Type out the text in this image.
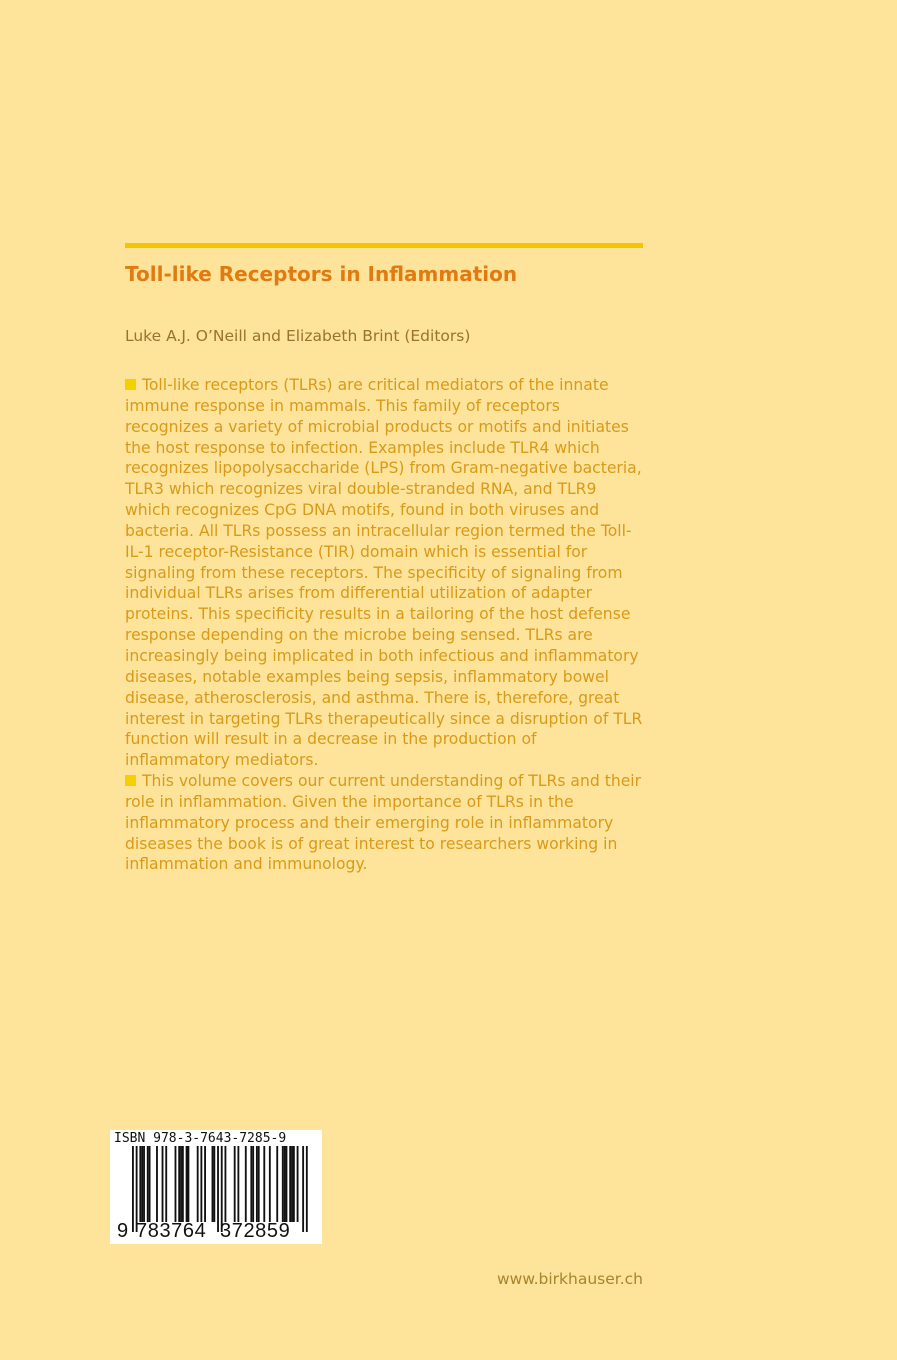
Toll-like Receptors in Inflammation
Luke A.J. O’Neill and Elizabeth Brint (Editors)

Toll-like receptors (TLRs) are critical mediators of the innate immune response in mammals. This family of receptors recognizes a variety of microbial products or motifs and initiates the host response to infection. Examples include TLR4 which recognizes lipopolysaccharide (LPS) from Gram-negative bacteria, TLR3 which recognizes viral double-stranded RNA, and TLR9 which recognizes CpG DNA motifs, found in both viruses and bacteria. All TLRs possess an intracellular region termed the Toll-IL-1 receptor-Resistance (TIR) domain which is essential for signaling from these receptors. The specificity of signaling from individual TLRs arises from differential utilization of adapter proteins. This specificity results in a tailoring of the host defense response depending on the microbe being sensed. TLRs are increasingly being implicated in both infectious and inflammatory diseases, notable examples being sepsis, inflammatory bowel disease, atherosclerosis, and asthma. There is, therefore, great interest in targeting TLRs therapeutically since a disruption of TLR function will result in a decrease in the production of inflammatory mediators.

This volume covers our current understanding of TLRs and their role in inflammation. Given the importance of TLRs in the inflammatory process and their emerging role in inflammatory diseases the book is of great interest to researchers working in inflammation and immunology.

ISBN 978-3-7643-7285-9
9 783764 372859
www.birkhauser.ch
